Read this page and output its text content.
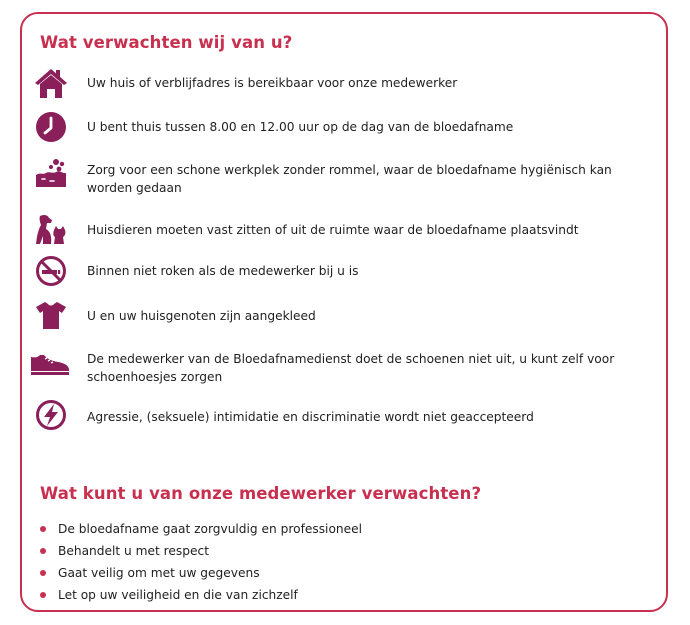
Wat verwachten wij van u?
Uw huis of verblijfadres is bereikbaar voor onze medewerker
U bent thuis tussen 8.00 en 12.00 uur op de dag van de bloedafname
Zorg voor een schone werkplek zonder rommel, waar de bloedafname hygiënisch kan worden gedaan
Huisdieren moeten vast zitten of uit de ruimte waar de bloedafname plaatsvindt
Binnen niet roken als de medewerker bij u is
U en uw huisgenoten zijn aangekleed
De medewerker van de Bloedafnamedienst doet de schoenen niet uit, u kunt zelf voor schoenhoesjes zorgen
Agressie, (seksuele) intimidatie en discriminatie wordt niet geaccepteerd
Wat kunt u van onze medewerker verwachten?
De bloedafname gaat zorgvuldig en professioneel
Behandelt u met respect
Gaat veilig om met uw gegevens
Let op uw veiligheid en die van zichzelf
